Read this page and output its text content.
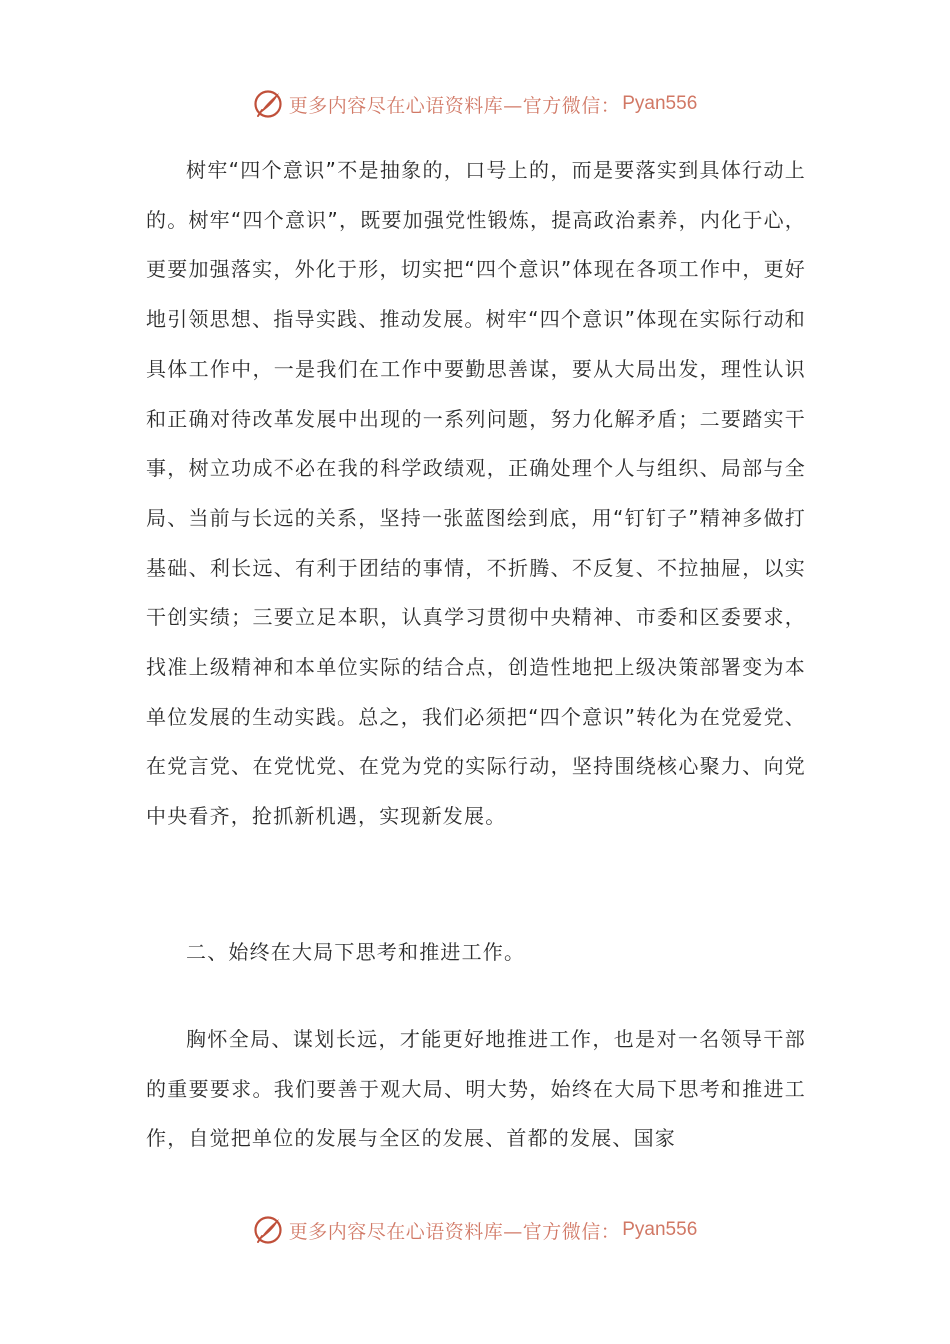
更多内容尽在心语资料库—官方微信： Pyan556

树牢“四个意识”不是抽象的，口号上的，而是要落实到具体行动上的。树牢“四个意识”，既要加强党性锻炼，提高政治素养，内化于心，更要加强落实，外化于形，切实把“四个意识”体现在各项工作中，更好地引领思想、指导实践、推动发展。树牢“四个意识”体现在实际行动和具体工作中，一是我们在工作中要勤思善谋，要从大局出发，理性认识和正确对待改革发展中出现的一系列问题，努力化解矛盾；二要踏实干事，树立功成不必在我的科学政绩观，正确处理个人与组织、局部与全局、当前与长远的关系，坚持一张蓝图绘到底，用“钉钉子”精神多做打基础、利长远、有利于团结的事情，不折腾、不反复、不拉抽屉，以实干创实绩；三要立足本职，认真学习贯彻中央精神、市委和区委要求，找准上级精神和本单位实际的结合点，创造性地把上级决策部署变为本单位发展的生动实践。总之，我们必须把“四个意识”转化为在党爱党、在党言党、在党忧党、在党为党的实际行动，坚持围绕核心聚力、向党中央看齐，抢抓新机遇，实现新发展。

二、始终在大局下思考和推进工作。

胸怀全局、谋划长远，才能更好地推进工作，也是对一名领导干部的重要要求。我们要善于观大局、明大势，始终在大局下思考和推进工作，自觉把单位的发展与全区的发展、首都的发展、国家

更多内容尽在心语资料库—官方微信： Pyan556
